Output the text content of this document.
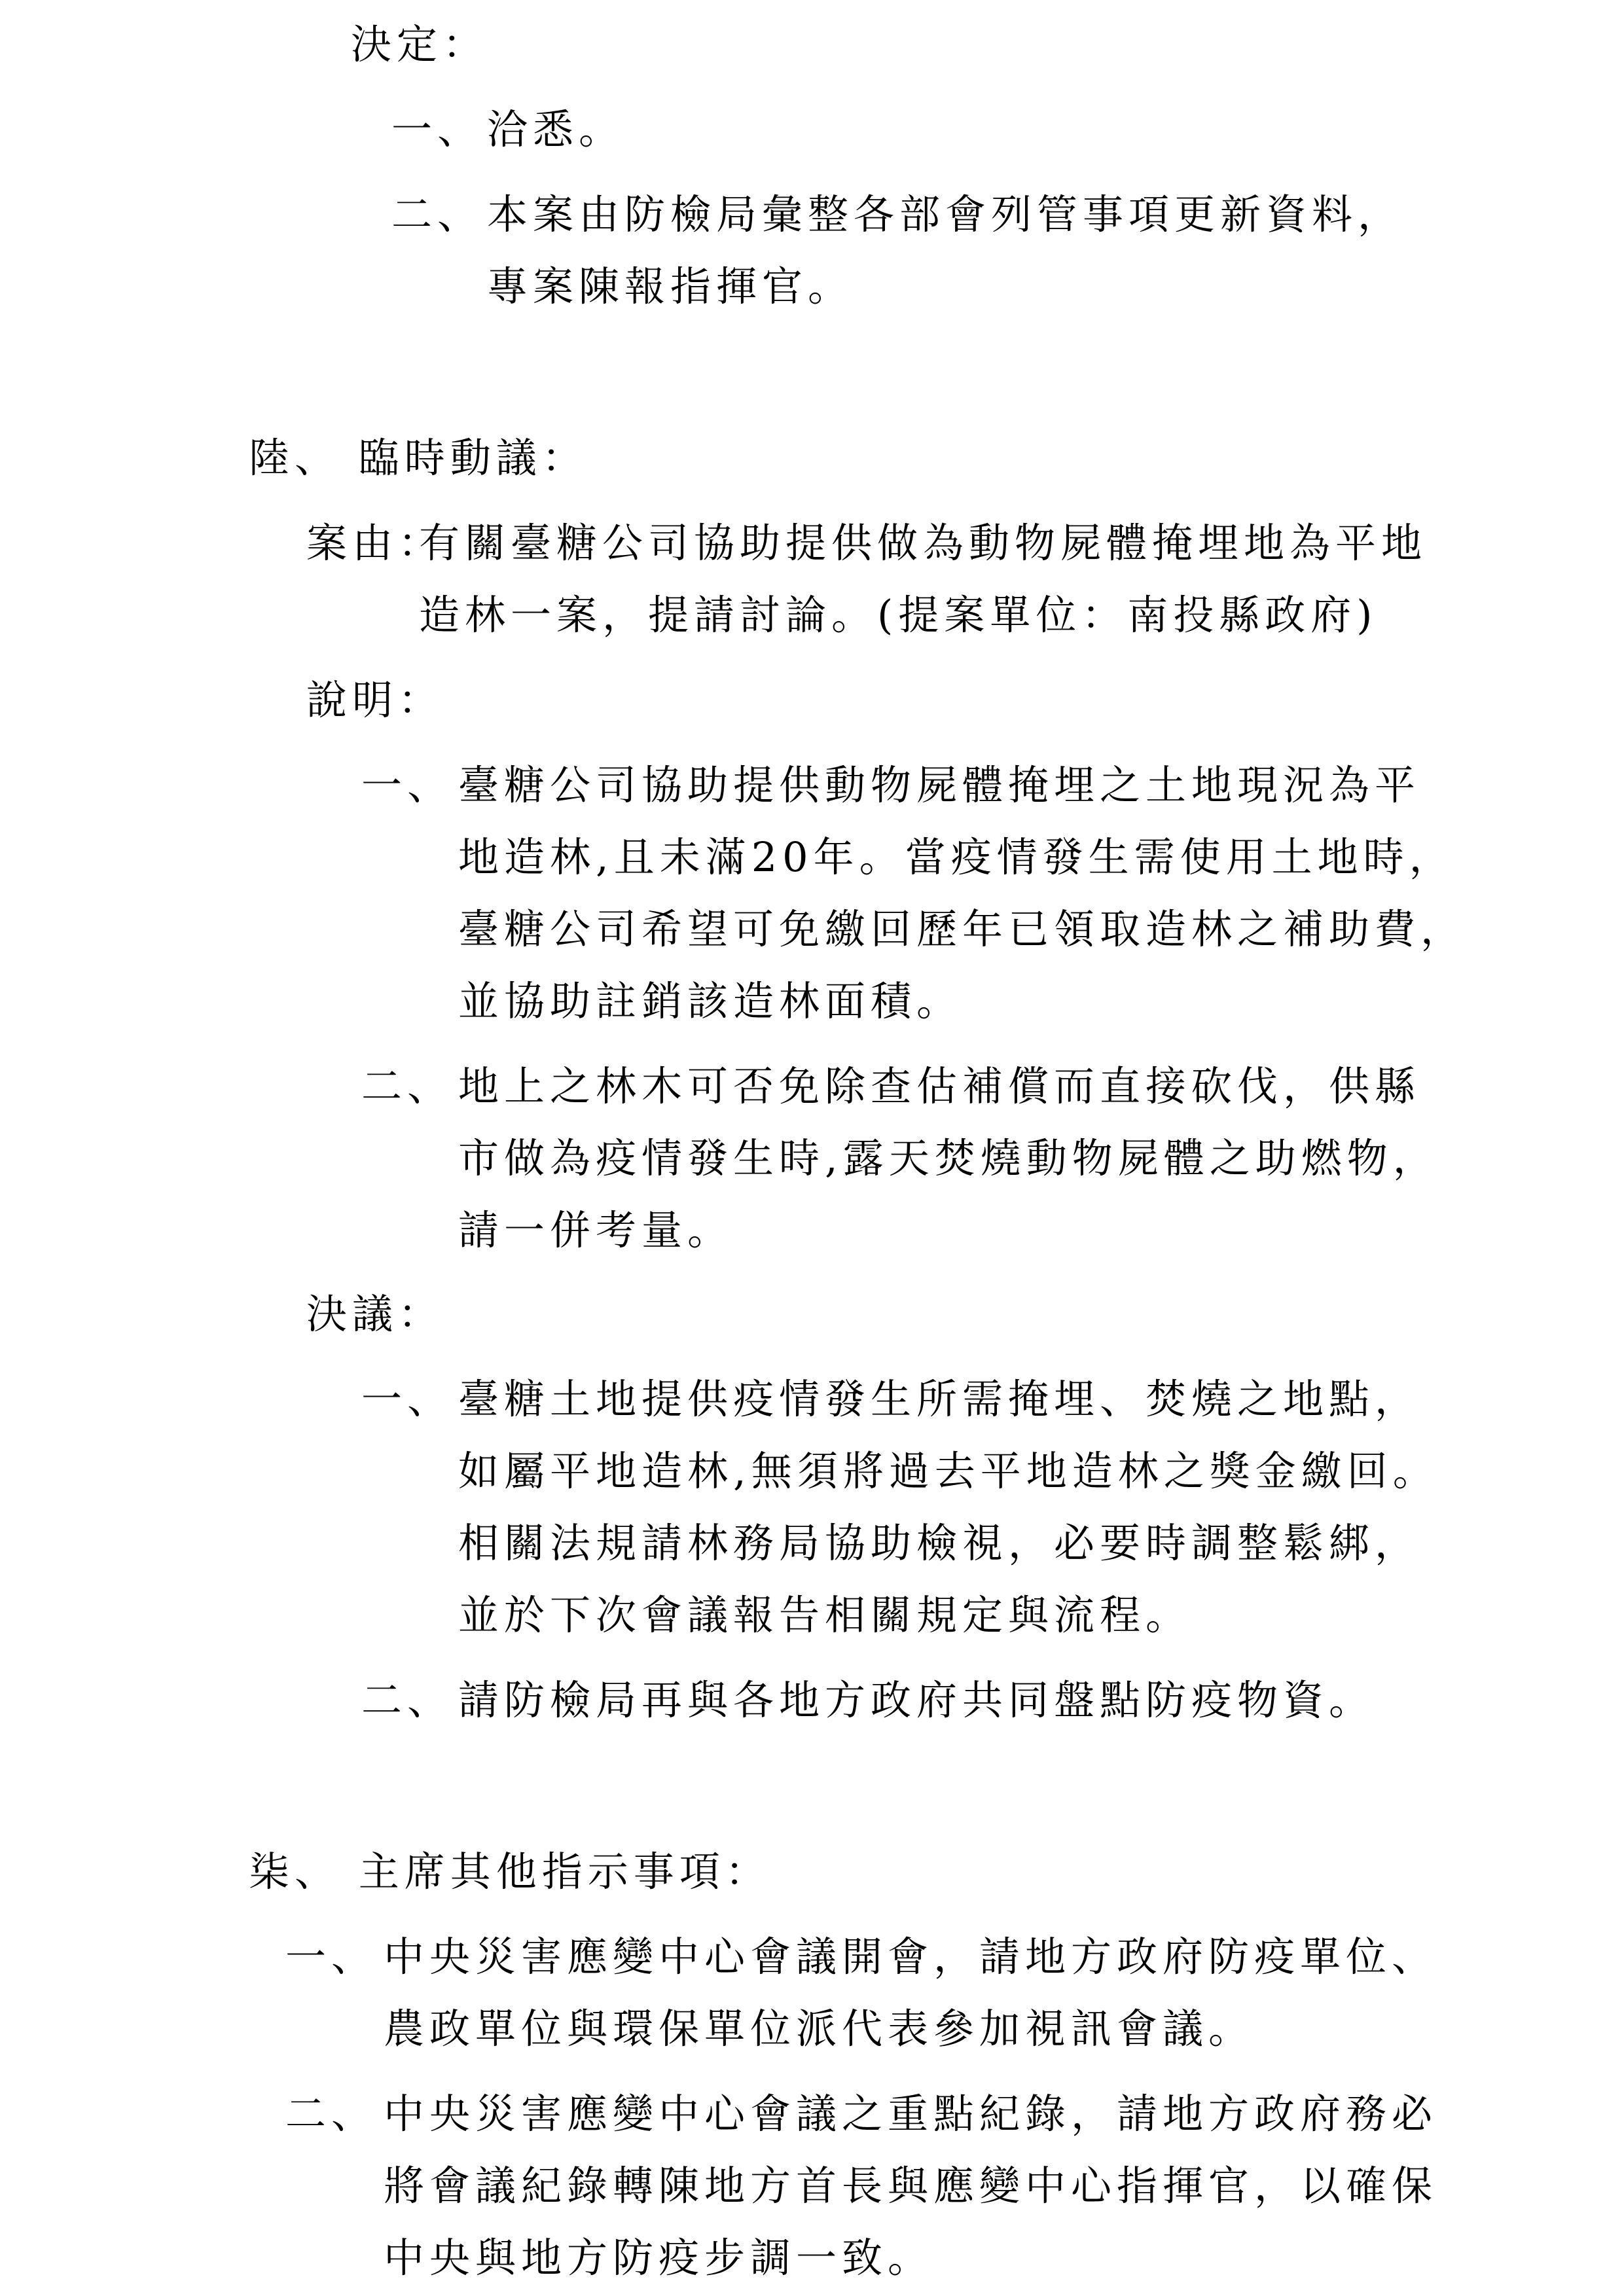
決定：
一、 洽悉。
二、 本案由防檢局彙整各部會列管事項更新資料，
專案陳報指揮官。
陸、 臨時動議：
案由：
有關臺糖公司協助提供做為動物屍體掩埋地為平地
造林一案，提請討論。(提案單位：南投縣政府)
說明：
一、 臺糖公司協助提供動物屍體掩埋之土地現況為平
地造林,且未滿20年。當疫情發生需使用土地時，
臺糖公司希望可免繳回歷年已領取造林之補助費，
並協助註銷該造林面積。
二、 地上之林木可否免除查估補償而直接砍伐，供縣
市做為疫情發生時,露天焚燒動物屍體之助燃物，
請一併考量。
決議：
一、 臺糖土地提供疫情發生所需掩埋、焚燒之地點，
如屬平地造林,無須將過去平地造林之獎金繳回。
相關法規請林務局協助檢視，必要時調整鬆綁，
並於下次會議報告相關規定與流程。
二、 請防檢局再與各地方政府共同盤點防疫物資。
柒、 主席其他指示事項：
一、 中央災害應變中心會議開會，請地方政府防疫單位、
農政單位與環保單位派代表參加視訊會議。
二、 中央災害應變中心會議之重點紀錄，請地方政府務必
將會議紀錄轉陳地方首長與應變中心指揮官，以確保
中央與地方防疫步調一致。
